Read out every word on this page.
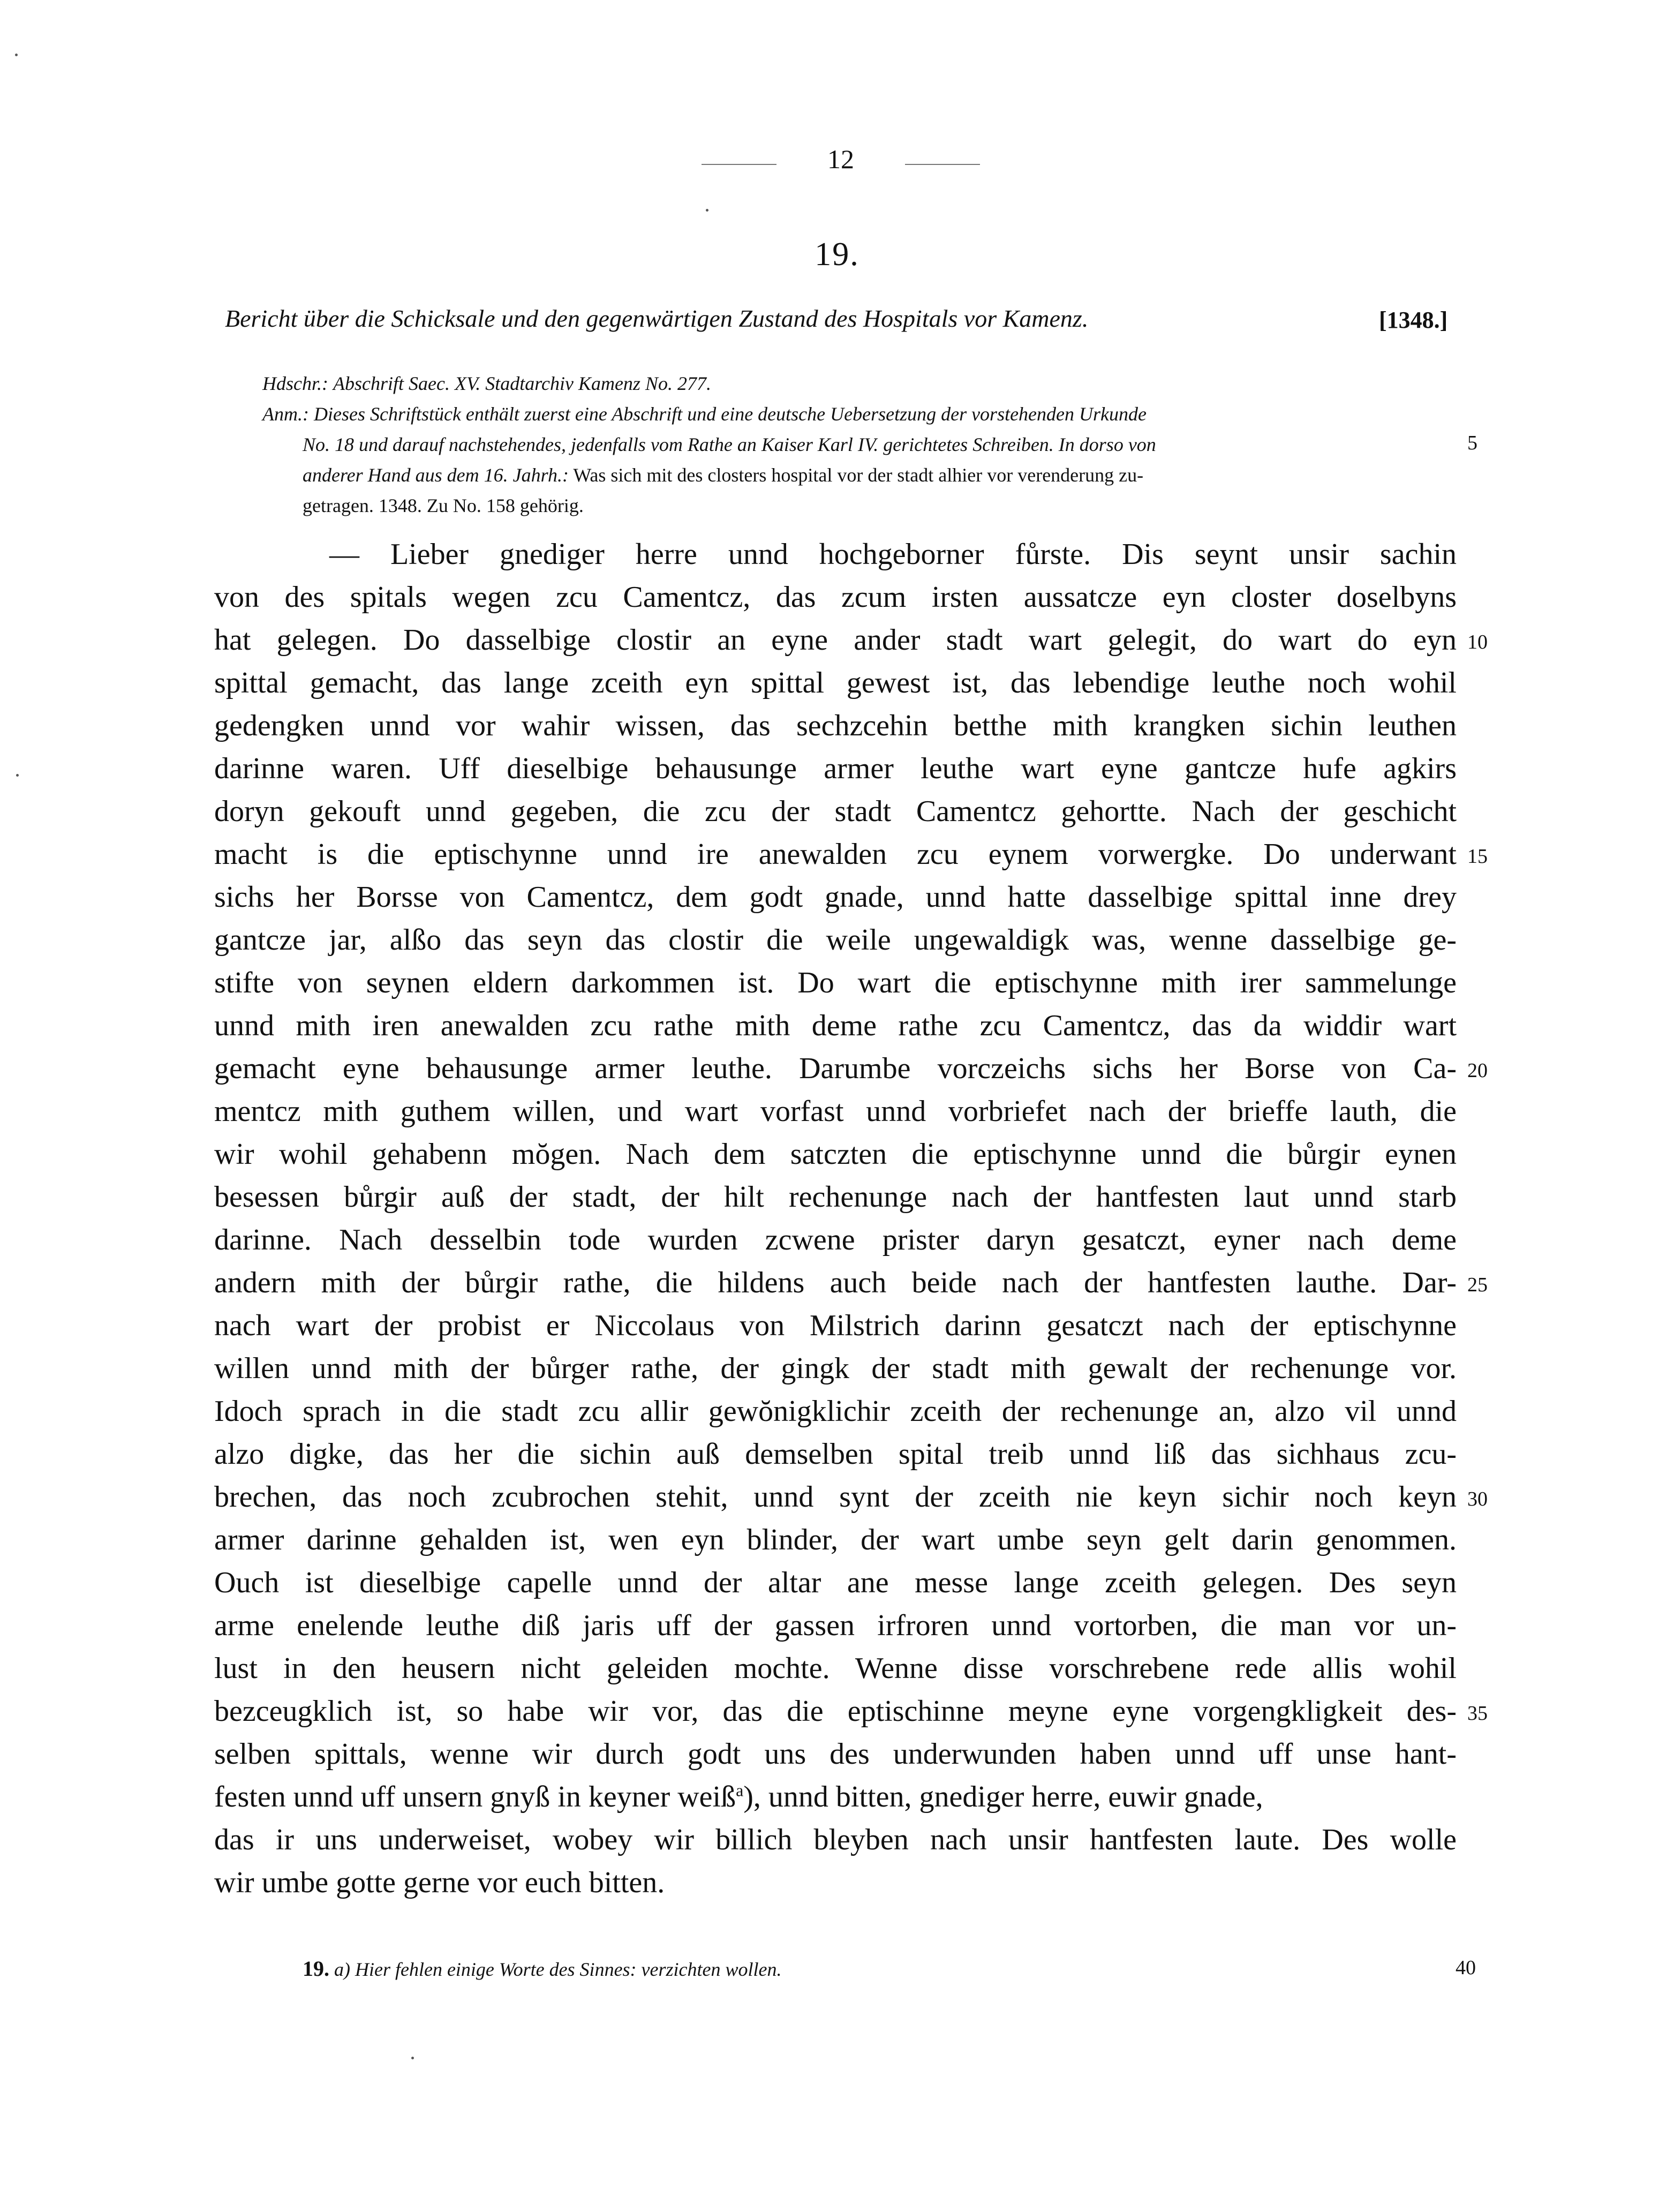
12
19.
Bericht über die Schicksale und den gegenwärtigen Zustand des Hospitals vor Kamenz.	[1348.]
Hdschr.: Abschrift Saec. XV. Stadtarchiv Kamenz No. 277.
Anm.: Dieses Schriftstück enthält zuerst eine Abschrift und eine deutsche Uebersetzung der vorstehenden Urkunde
No. 18 und darauf nachstehendes, jedenfalls vom Rathe an Kaiser Karl IV. gerichtetes Schreiben. In dorso von	5
anderer Hand aus dem 16. Jahrh.: Was sich mit des closters hospital vor der stadt alhier vor verenderung zu-
getragen. 1348. Zu No. 158 gehörig.
— Lieber gnediger herre unnd hochgeborner fůrste. Dis seynt unsir sachin
von des spitals wegen zcu Camentcz, das zcum irsten aussatcze eyn closter doselbyns
hat gelegen. Do dasselbige clostir an eyne ander stadt wart gelegit, do wart do eyn 10
spittal gemacht, das lange zceith eyn spittal gewest ist, das lebendige leuthe noch wohil
gedengken unnd vor wahir wissen, das sechzcehin betthe mith krangken sichin leuthen
darinne waren. Uff dieselbige behausunge armer leuthe wart eyne gantcze hufe agkirs
doryn gekouft unnd gegeben, die zcu der stadt Camentcz gehortte. Nach der geschicht
macht is die eptischynne unnd ire anewalden zcu eynem vorwergke. Do underwant 15
sichs her Borsse von Camentcz, dem godt gnade, unnd hatte dasselbige spittal inne drey
gantcze jar, alßo das seyn das clostir die weile ungewaldigk was, wenne dasselbige ge-
stifte von seynen eldern darkommen ist. Do wart die eptischynne mith irer sammelunge
unnd mith iren anewalden zcu rathe mith deme rathe zcu Camentcz, das da widdir wart
gemacht eyne behausunge armer leuthe. Darumbe vorczeichs sichs her Borse von Ca- 20
mentcz mith guthem willen, und wart vorfast unnd vorbriefet nach der brieffe lauth, die
wir wohil gehabenn mŏgen. Nach dem satczten die eptischynne unnd die bůrgir eynen
besessen bůrgir auß der stadt, der hilt rechenunge nach der hantfesten laut unnd starb
darinne. Nach desselbin tode wurden zcwene prister daryn gesatczt, eyner nach deme
andern mith der bůrgir rathe, die hildens auch beide nach der hantfesten lauthe. Dar- 25
nach wart der probist er Niccolaus von Milstrich darinn gesatczt nach der eptischynne
willen unnd mith der bůrger rathe, der gingk der stadt mith gewalt der rechenunge vor.
Idoch sprach in die stadt zcu allir gewŏnigklichir zceith der rechenunge an, alzo vil unnd
alzo digke, das her die sichin auß demselben spital treib unnd liß das sichhaus zcu-
brechen, das noch zcubrochen stehit, unnd synt der zceith nie keyn sichir noch keyn 30
armer darinne gehalden ist, wen eyn blinder, der wart umbe seyn gelt darin genommen.
Ouch ist dieselbige capelle unnd der altar ane messe lange zceith gelegen. Des seyn
arme enelende leuthe diß jaris uff der gassen irfroren unnd vortorben, die man vor un-
lust in den heusern nicht geleiden mochte. Wenne disse vorschrebene rede allis wohil
bezceugklich ist, so habe wir vor, das die eptischinne meyne eyne vorgengkligkeit des- 35
selben spittals, wenne wir durch godt uns des underwunden haben unnd uff unse hant-
festen unnd uff unsern gnyß in keyner weiß$^a$), unnd bitten, gnediger herre, euwir gnade,
das ir uns underweiset, wobey wir billich bleyben nach unsir hantfesten laute. Des wolle
wir umbe gotte gerne vor euch bitten.
19. a) Hier fehlen einige Worte des Sinnes: verzichten wollen.	40
